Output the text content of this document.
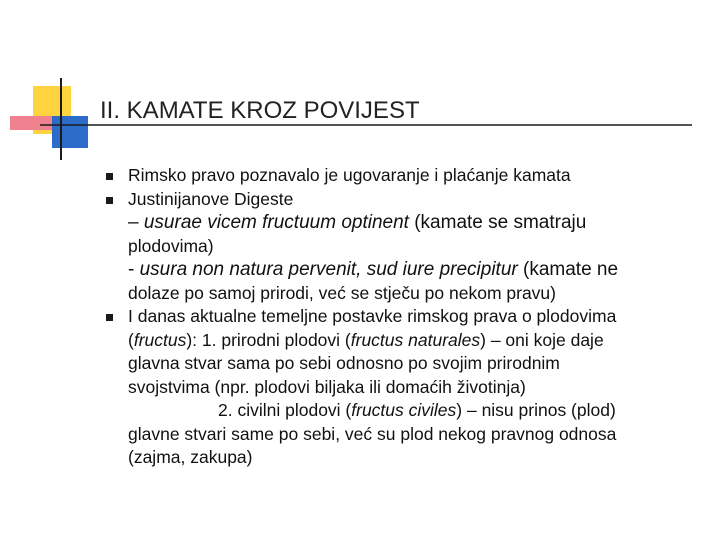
II. KAMATE KROZ POVIJEST
Rimsko pravo poznavalo je ugovaranje i plaćanje kamata
Justinijanove Digeste
– usurae vicem fructuum optinent (kamate se smatraju
plodovima)
- usura non natura pervenit, sud iure precipitur (kamate ne
dolaze po samoj prirodi, već se stječu po nekom pravu)
I danas aktualne temeljne postavke rimskog prava o plodovima
(fructus): 1. prirodni plodovi (fructus naturales) – oni koje daje
glavna stvar sama po sebi odnosno po svojim prirodnim
svojstvima (npr. plodovi biljaka ili domaćih životinja)
2. civilni plodovi (fructus civiles) – nisu prinos (plod)
glavne stvari same po sebi, već su plod nekog pravnog odnosa
(zajma, zakupa)
